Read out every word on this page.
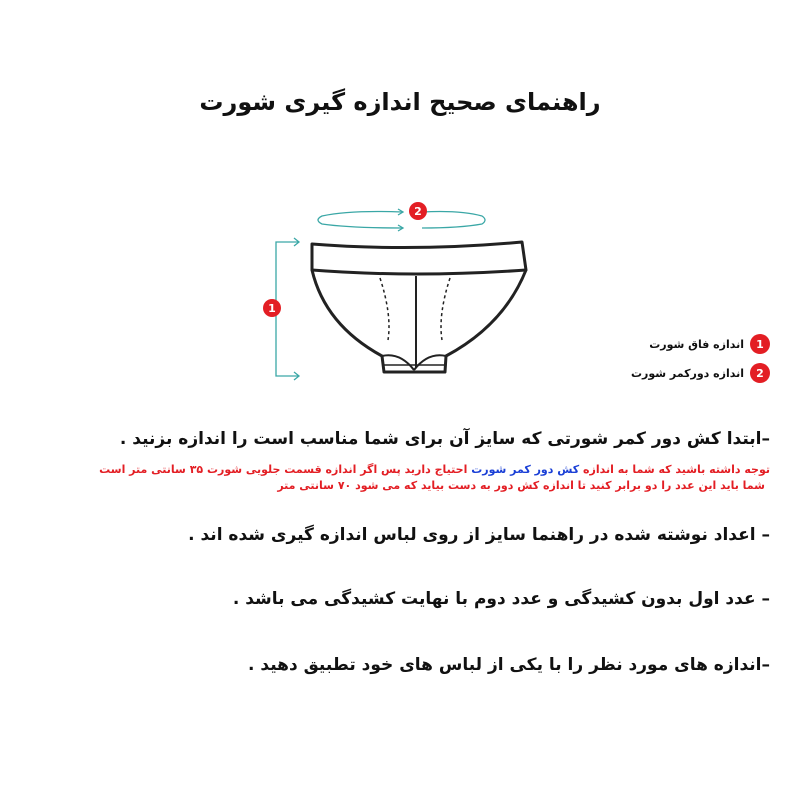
راهنمای صحیح اندازه گیری شورت
2
1
1
اندازه فاق شورت
2
اندازه دورکمر شورت
–ابتدا کش دور کمر شورتی که سایز آن برای شما مناسب است را اندازه بزنید .
توجه داشته باشید که شما به اندازه کش دور کمر شورت احتیاج دارید پس اگر اندازه قسمت جلویی شورت ۳۵ سانتی متر است
شما باید این عدد را دو برابر کنید تا اندازه کش دور به دست بیاید که می شود ۷۰ سانتی متر
– اعداد نوشته شده در راهنما سایز از روی لباس اندازه گیری شده اند .
– عدد اول بدون کشیدگی و عدد دوم با نهایت کشیدگی می باشد .
–اندازه های مورد نظر را با یکی از لباس های خود تطبیق دهید .
